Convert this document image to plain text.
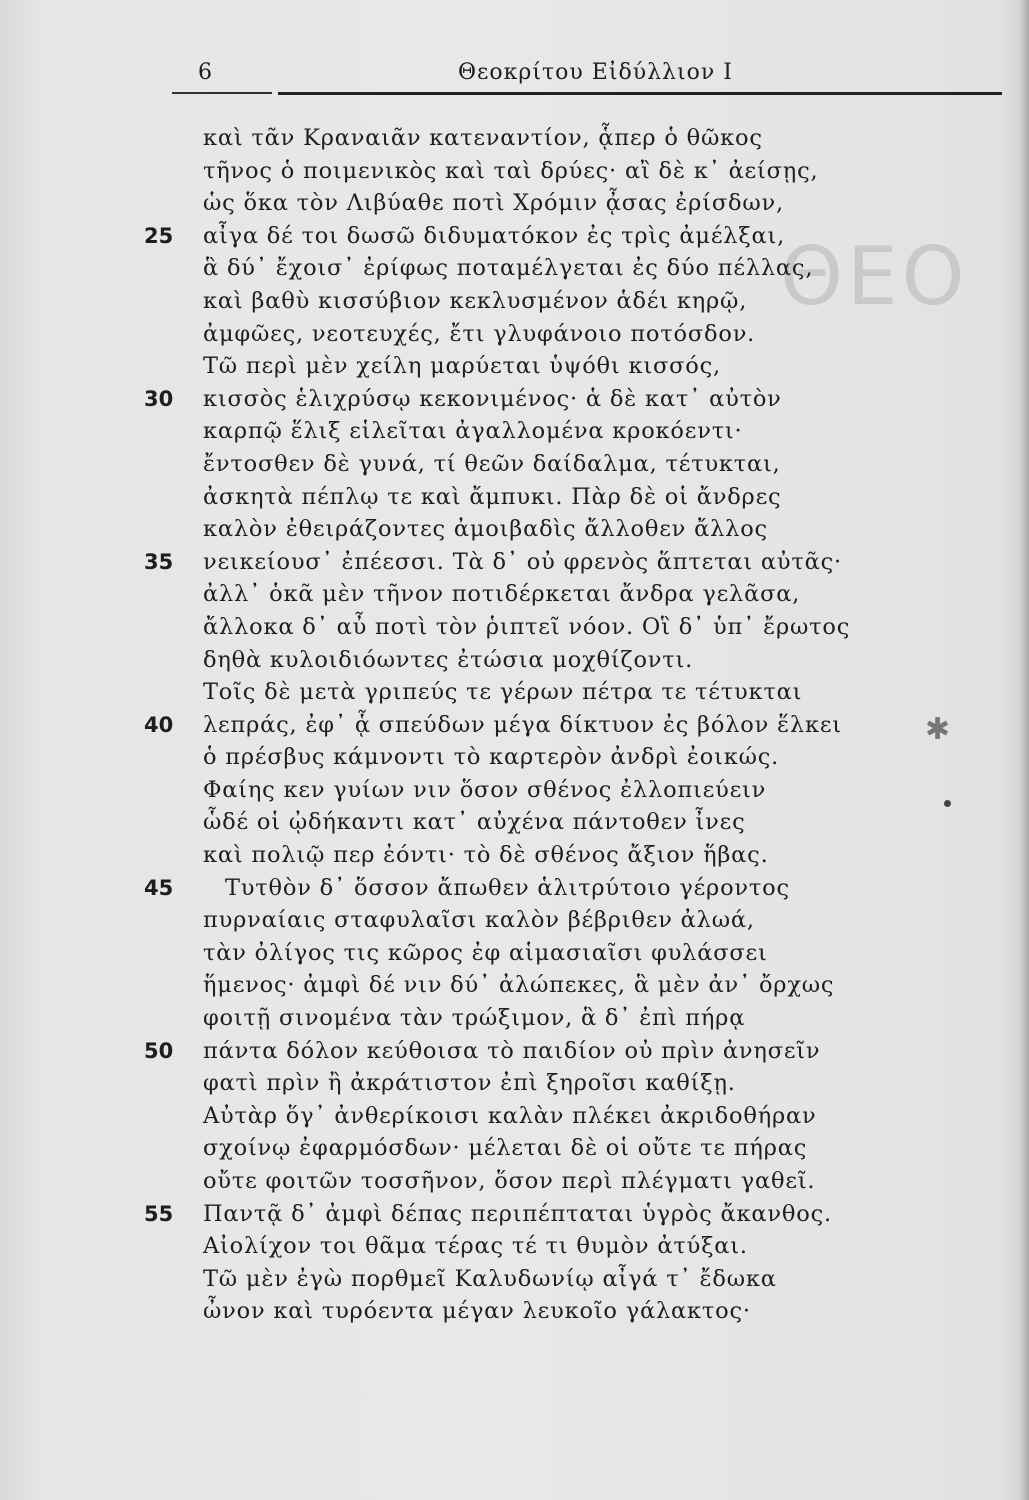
6	Θεοκρίτου Εἰδύλλιον Ι
ΘΕΟ
✱
καὶ τᾶν Κραναιᾶν κατεναντίον, ᾇπερ ὁ θῶκος
τῆνος ὁ ποιμενικὸς καὶ ταὶ δρύες· αἲ δὲ κ᾽ ἀείσῃς,
ὡς ὅκα τὸν Λιβύαθε ποτὶ Χρόμιν ᾆσας ἐρίσδων,
25	αἶγα δέ τοι δωσῶ διδυματόκον ἐς τρὶς ἀμέλξαι,
ἃ δύ᾽ ἔχοισ᾽ ἐρίφως ποταμέλγεται ἐς δύο πέλλας,
καὶ βαθὺ κισσύβιον κεκλυσμένον ἁδέι κηρῷ,
ἀμφῶες, νεοτευχές, ἔτι γλυφάνοιο ποτόσδον.
Τῶ περὶ μὲν χείλη μαρύεται ὑψόθι κισσός,
30	κισσὸς ἑλιχρύσῳ κεκονιμένος· ἁ δὲ κατ᾽ αὐτὸν
καρπῷ ἕλιξ εἱλεῖται ἀγαλλομένα κροκόεντι·
ἔντοσθεν δὲ γυνά, τί θεῶν δαίδαλμα, τέτυκται,
ἀσκητὰ πέπλῳ τε καὶ ἄμπυκι. Πὰρ δὲ οἱ ἄνδρες
καλὸν ἐθειράζοντες ἀμοιβαδὶς ἄλλοθεν ἄλλος
35	νεικείουσ᾽ ἐπέεσσι. Τὰ δ᾽ οὐ φρενὸς ἅπτεται αὐτᾶς·
ἀλλ᾽ ὁκᾶ μὲν τῆνον ποτιδέρκεται ἄνδρα γελᾶσα,
ἄλλοκα δ᾽ αὖ ποτὶ τὸν ῥιπτεῖ νόον. Οἳ δ᾽ ὑπ᾽ ἔρωτος
δηθὰ κυλοιδιόωντες ἐτώσια μοχθίζοντι.
Τοῖς δὲ μετὰ γριπεύς τε γέρων πέτρα τε τέτυκται
40	λεπράς, ἐφ᾽ ᾇ σπεύδων μέγα δίκτυον ἐς βόλον ἕλκει
ὁ πρέσβυς κάμνοντι τὸ καρτερὸν ἀνδρὶ ἐοικώς.
Φαίης κεν γυίων νιν ὅσον σθένος ἐλλοπιεύειν
ὧδέ οἱ ᾠδήκαντι κατ᾽ αὐχένα πάντοθεν ἶνες
καὶ πολιῷ περ ἐόντι· τὸ δὲ σθένος ἄξιον ἥβας.
45	Τυτθὸν δ᾽ ὅσσον ἄπωθεν ἁλιτρύτοιο γέροντος
πυρναίαις σταφυλαῖσι καλὸν βέβριθεν ἀλωά,
τὰν ὀλίγος τις κῶρος ἐφ αἱμασιαῖσι φυλάσσει
ἥμενος· ἀμφὶ δέ νιν δύ᾽ ἀλώπεκες, ἃ μὲν ἀν᾽ ὄρχως
φοιτῇ σινομένα τὰν τρώξιμον, ἃ δ᾽ ἐπὶ πήρᾳ
50	πάντα δόλον κεύθοισα τὸ παιδίον οὐ πρὶν ἀνησεῖν
φατὶ πρὶν ἢ ἀκράτιστον ἐπὶ ξηροῖσι καθίξῃ.
Αὐτὰρ ὅγ᾽ ἀνθερίκοισι καλὰν πλέκει ἀκριδοθήραν
σχοίνῳ ἐφαρμόσδων· μέλεται δὲ οἱ οὔτε τε πήρας
οὔτε φοιτῶν τοσσῆνον, ὅσον περὶ πλέγματι γαθεῖ.
55	Παντᾷ δ᾽ ἀμφὶ δέπας περιπέπταται ὑγρὸς ἄκανθος.
Αἰολίχον τοι θᾶμα τέρας τέ τι θυμὸν ἀτύξαι.
Τῶ μὲν ἐγὼ πορθμεῖ Καλυδωνίῳ αἶγά τ᾽ ἔδωκα
ὦνον καὶ τυρόεντα μέγαν λευκοῖο γάλακτος·
